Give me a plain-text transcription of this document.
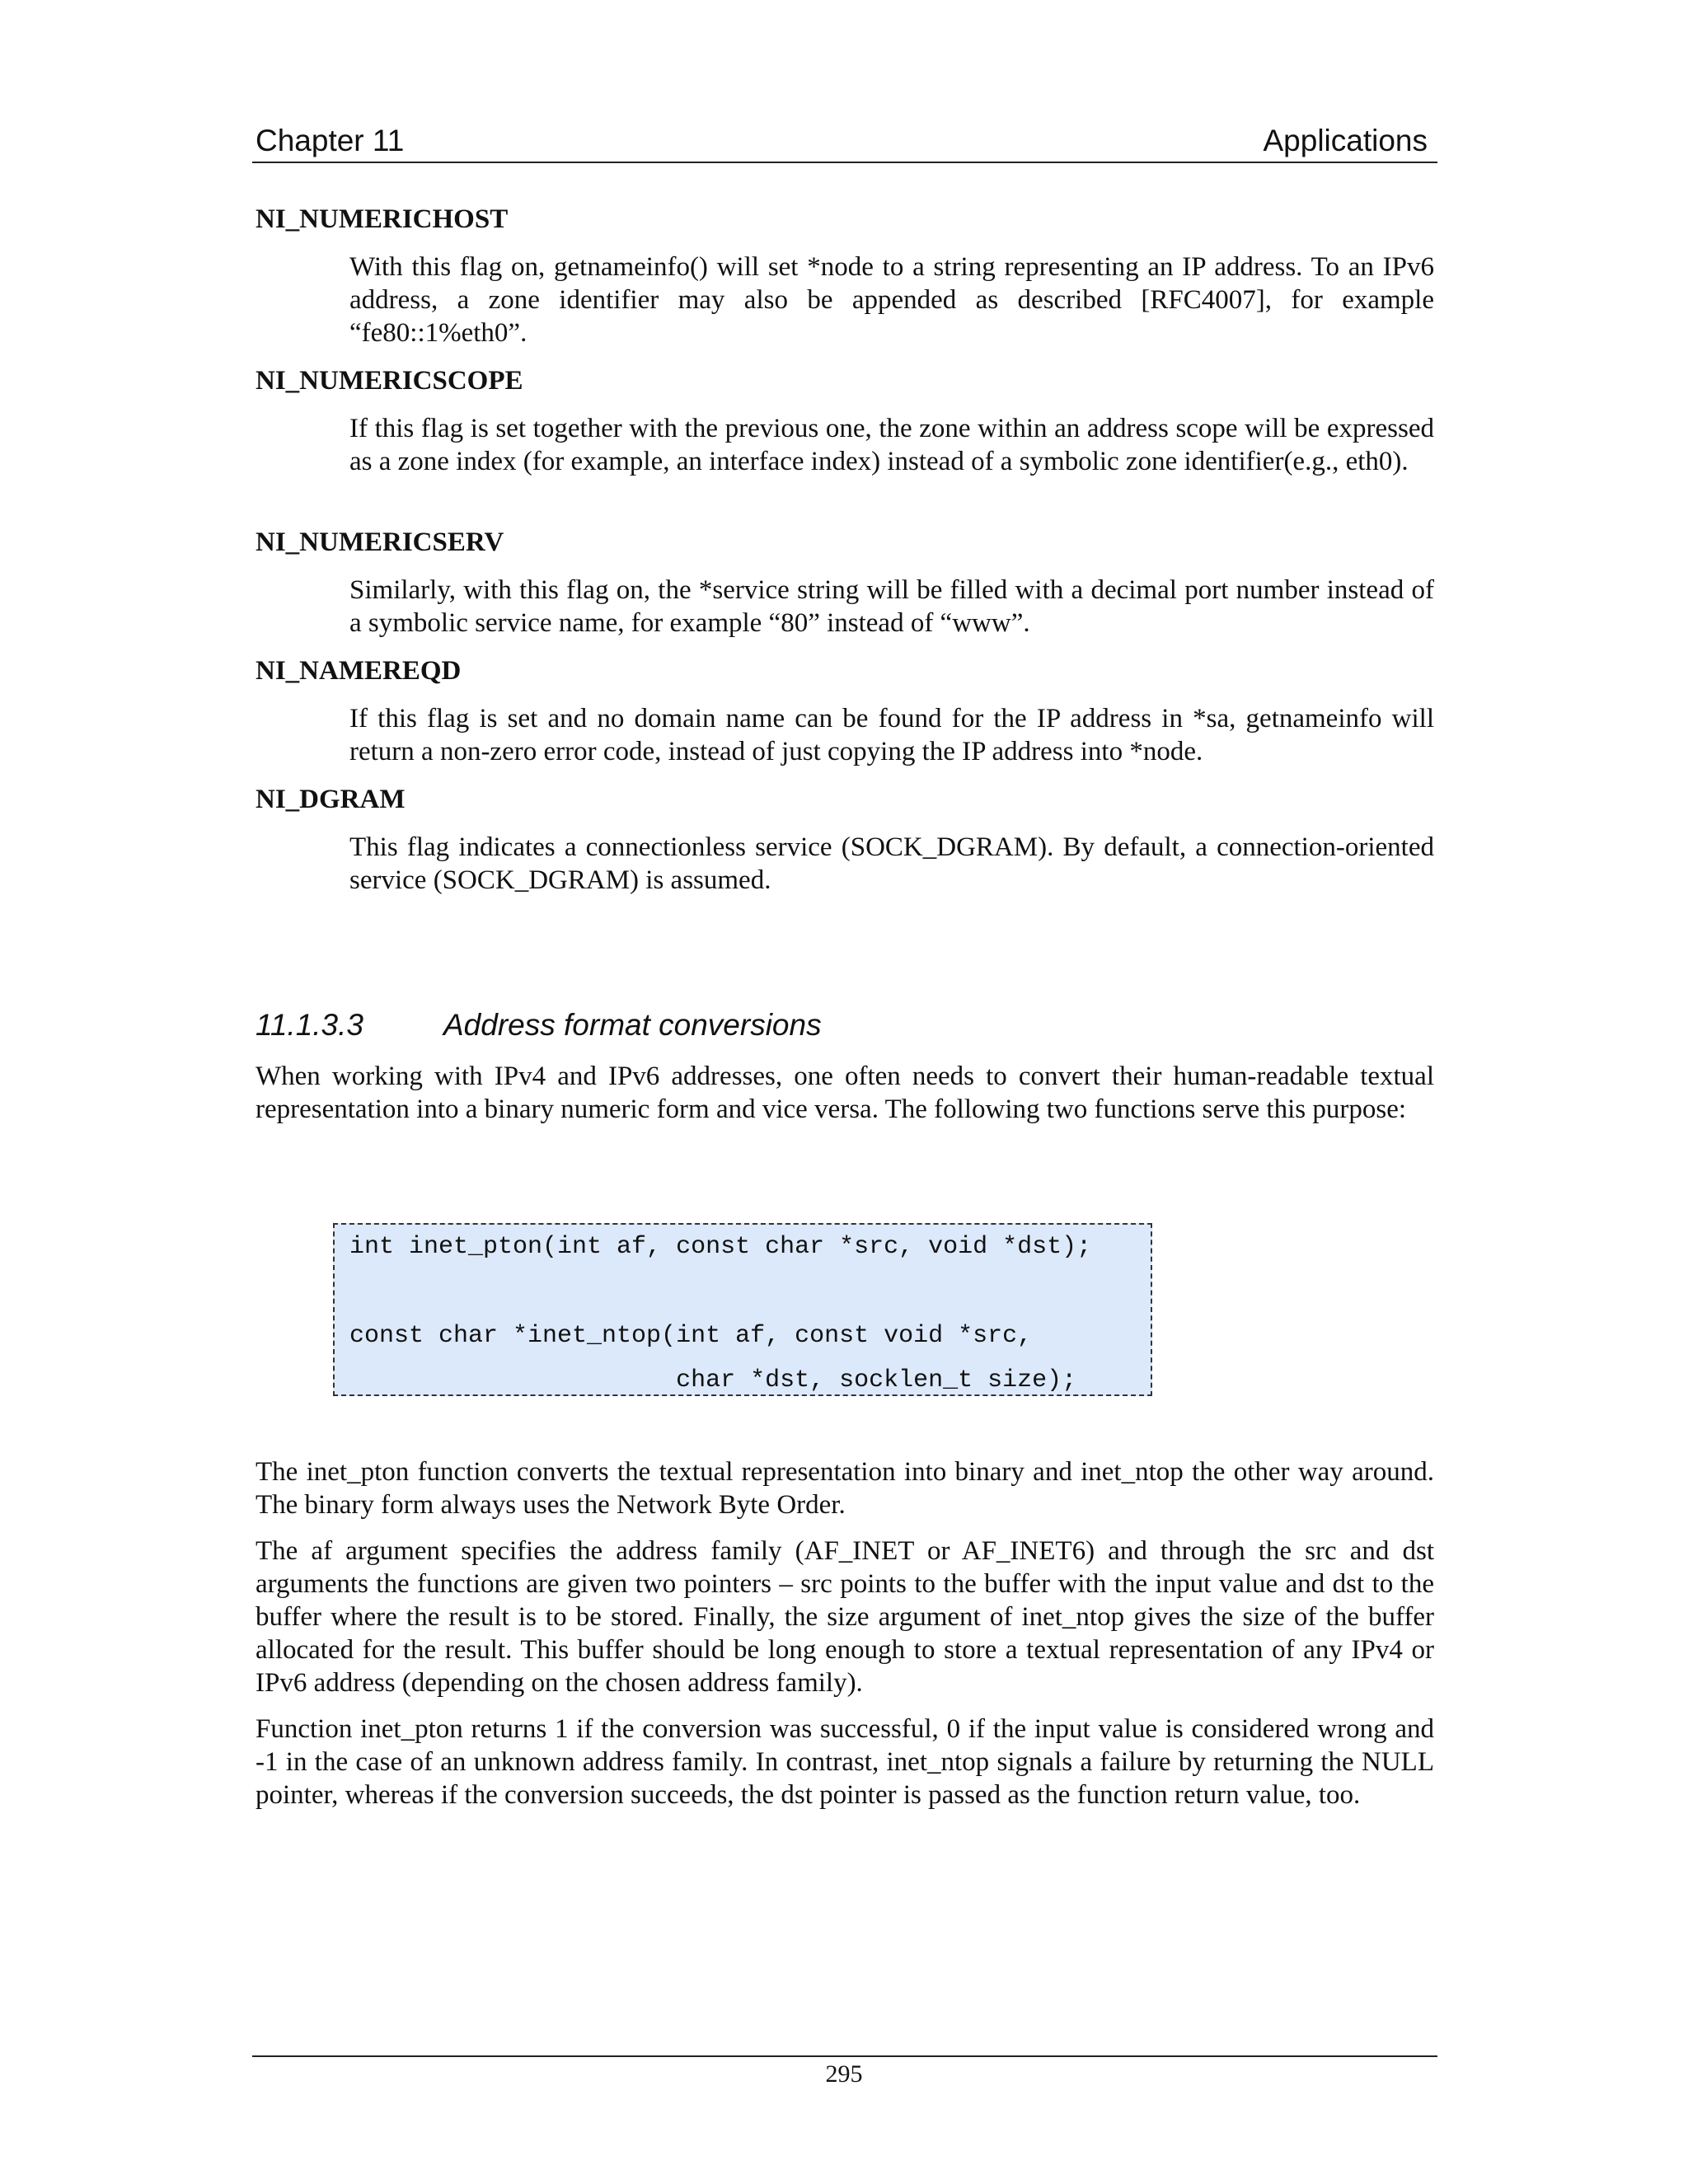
Chapter 11	Applications
NI_NUMERICHOST
With this flag on, getnameinfo() will set *node to a string representing an IP address. To an IPv6 address, a zone identifier may also be appended as described [RFC4007], for example “fe80::1%eth0”.
NI_NUMERICSCOPE
If this flag is set together with the previous one, the zone within an address scope will be expressed as a zone index (for example, an interface index) instead of a symbolic zone identifier(e.g., eth0).
NI_NUMERICSERV
Similarly, with this flag on, the *service string will be filled with a decimal port number instead of a symbolic service name, for example “80” instead of “www”.
NI_NAMEREQD
If this flag is set and no domain name can be found for the IP address in *sa, getnameinfo will return a non-zero error code, instead of just copying the IP address into *node.
NI_DGRAM
This flag indicates a connectionless service (SOCK_DGRAM). By default, a connection-oriented service (SOCK_DGRAM) is assumed.
11.1.3.3	Address format conversions
When working with IPv4 and IPv6 addresses, one often needs to convert their human-readable textual representation into a binary numeric form and vice versa. The following two functions serve this purpose:
int inet_pton(int af, const char *src, void *dst);
const char *inet_ntop(int af, const void *src,
char *dst, socklen_t size);
The inet_pton function converts the textual representation into binary and inet_ntop the other way around. The binary form always uses the Network Byte Order.
The af argument specifies the address family (AF_INET or AF_INET6) and through the src and dst arguments the functions are given two pointers – src points to the buffer with the input value and dst to the buffer where the result is to be stored. Finally, the size argument of inet_ntop gives the size of the buffer allocated for the result. This buffer should be long enough to store a textual representation of any IPv4 or IPv6 address (depending on the chosen address family).
Function inet_pton returns 1 if the conversion was successful, 0 if the input value is considered wrong and -1 in the case of an unknown address family. In contrast, inet_ntop signals a failure by returning the NULL pointer, whereas if the conversion succeeds, the dst pointer is passed as the function return value, too.
295
